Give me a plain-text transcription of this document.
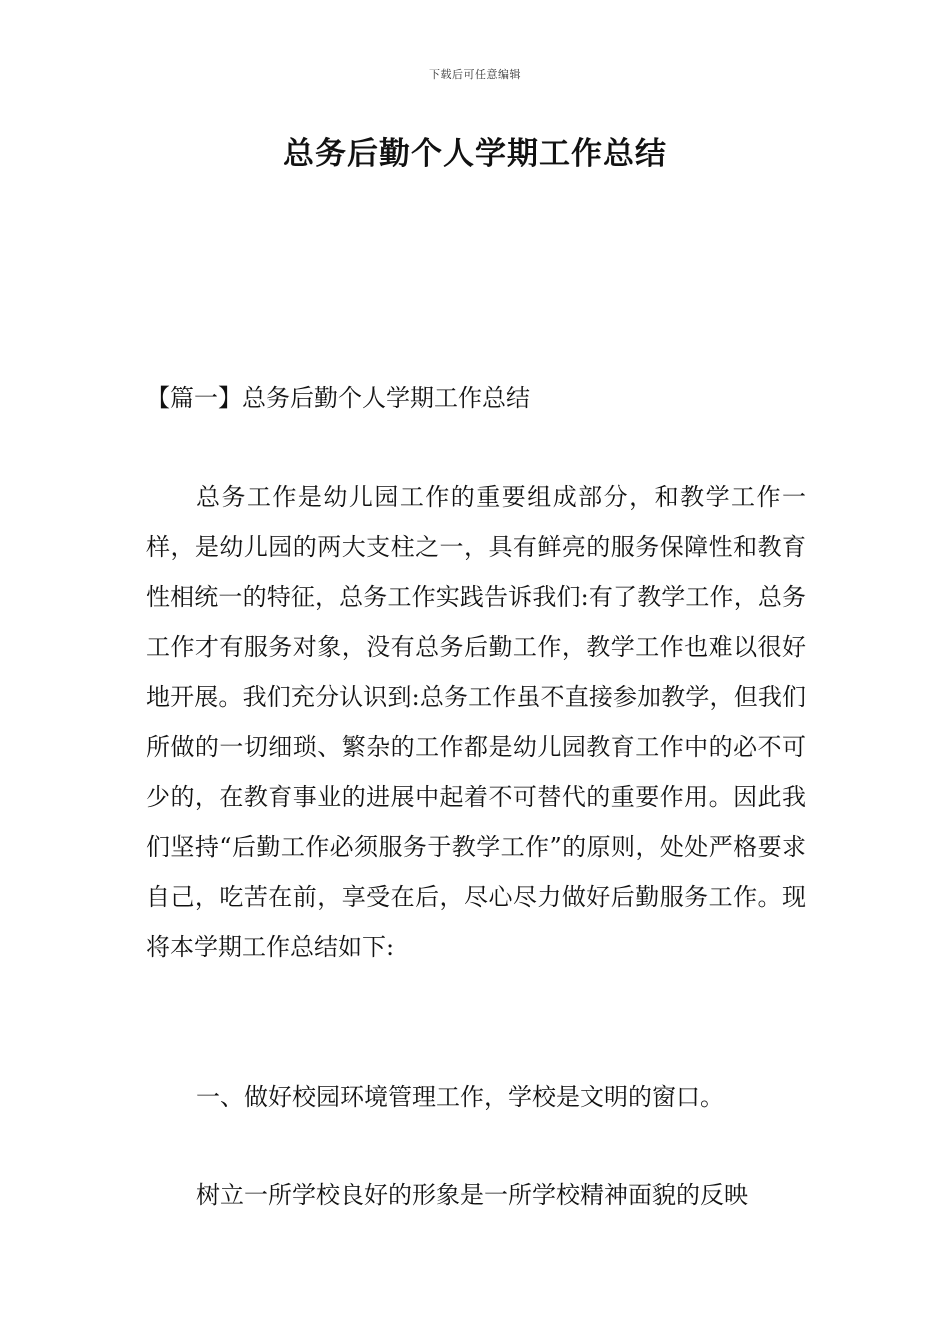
下载后可任意编辑
总务后勤个人学期工作总结

【篇一】总务后勤个人学期工作总结

总务工作是幼儿园工作的重要组成部分，和教学工作一样，是幼儿园的两大支柱之一，具有鲜亮的服务保障性和教育性相统一的特征，总务工作实践告诉我们:有了教学工作，总务工作才有服务对象，没有总务后勤工作，教学工作也难以很好地开展。我们充分认识到:总务工作虽不直接参加教学，但我们所做的一切细琐、繁杂的工作都是幼儿园教育工作中的必不可少的，在教育事业的进展中起着不可替代的重要作用。因此我们坚持“后勤工作必须服务于教学工作”的原则，处处严格要求自己，吃苦在前，享受在后，尽心尽力做好后勤服务工作。现将本学期工作总结如下:

一、做好校园环境管理工作，学校是文明的窗口。

树立一所学校良好的形象是一所学校精神面貌的反映
